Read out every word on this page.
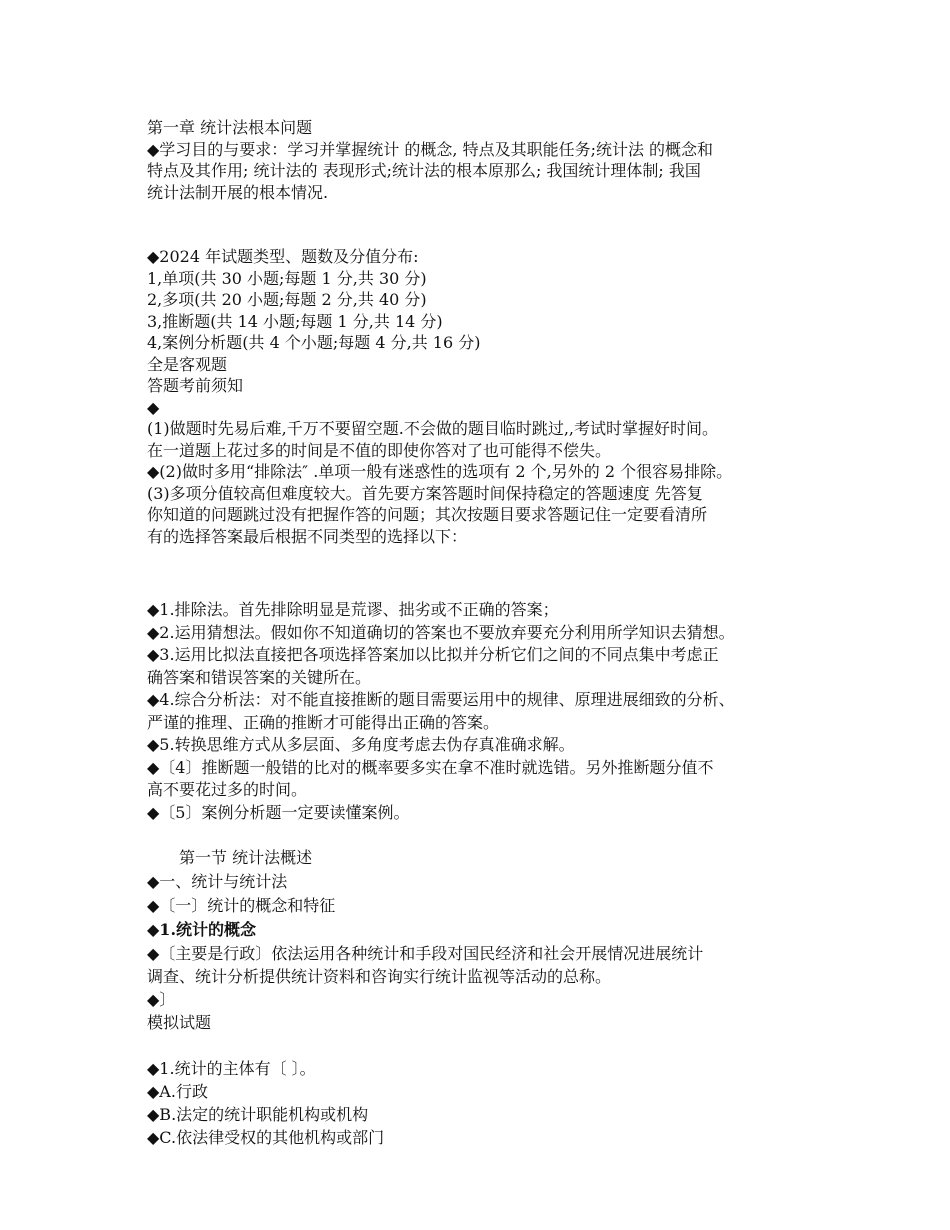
第一章 统计法根本问题
◆学习目的与要求：学习并掌握统计 的概念, 特点及其职能任务;统计法 的概念和
特点及其作用; 统计法的 表现形式;统计法的根本原那么; 我国统计理体制; 我国
统计法制开展的根本情况.
◆2024 年试题类型、题数及分值分布:
1,单项(共 30 小题;每题 1 分,共 30 分)
2,多项(共 20 小题;每题 2 分,共 40 分)
3,推断题(共 14 小题;每题 1 分,共 14 分)
4,案例分析题(共 4 个小题;每题 4 分,共 16 分)
全是客观题
答题考前须知
◆
(1)做题时先易后难,千万不要留空题.不会做的题目临时跳过,,考试时掌握好时间。
在一道题上花过多的时间是不值的即使你答对了也可能得不偿失。
◆(2)做时多用“排除法″ .单项一般有迷惑性的选项有 2 个,另外的 2 个很容易排除。
(3)多项分值较高但难度较大。首先要方案答题时间保持稳定的答题速度 先答复
你知道的问题跳过没有把握作答的问题；其次按题目要求答题记住一定要看清所
有的选择答案最后根据不同类型的选择以下：
◆1.排除法。首先排除明显是荒谬、拙劣或不正确的答案；
◆2.运用猜想法。假如你不知道确切的答案也不要放弃要充分利用所学知识去猜想。
◆3.运用比拟法直接把各项选择答案加以比拟并分析它们之间的不同点集中考虑正
确答案和错误答案的关键所在。
◆4.综合分析法：对不能直接推断的题目需要运用中的规律、原理进展细致的分析、
严谨的推理、正确的推断才可能得出正确的答案。
◆5.转换思维方式从多层面、多角度考虑去伪存真准确求解。
◆〔4〕推断题一般错的比对的概率要多实在拿不准时就选错。另外推断题分值不
高不要花过多的时间。
◆〔5〕案例分析题一定要读懂案例。
第一节 统计法概述
◆一、统计与统计法
◆〔一〕统计的概念和特征
◆1.统计的概念
◆〔主要是行政〕依法运用各种统计和手段对国民经济和社会开展情况进展统计
调查、统计分析提供统计资料和咨询实行统计监视等活动的总称。
◆〕
模拟试题
◆1.统计的主体有〔 〕。
◆A.行政
◆B.法定的统计职能机构或机构
◆C.依法律受权的其他机构或部门
